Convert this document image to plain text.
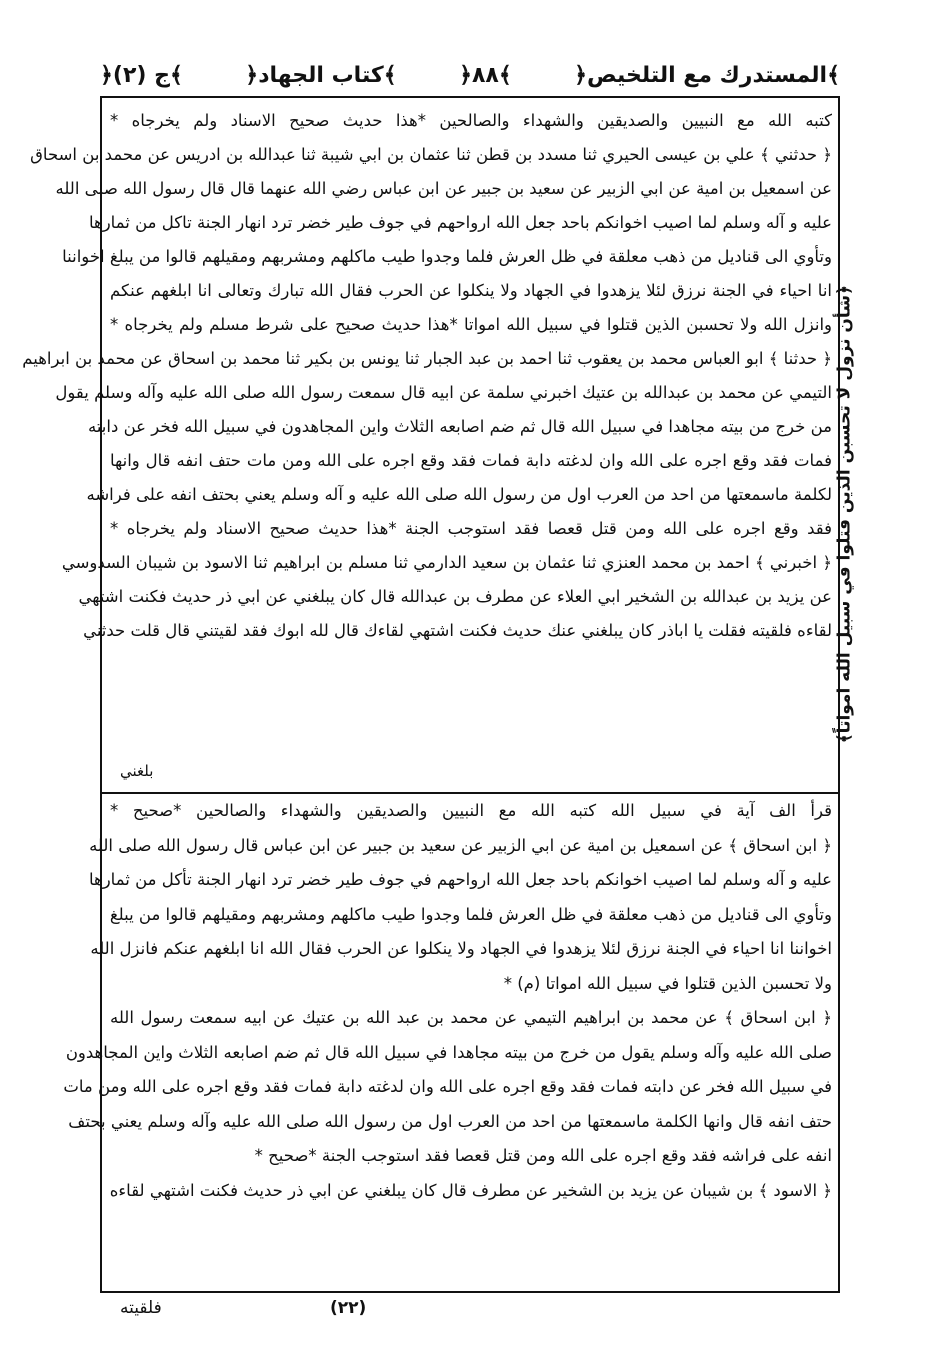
﴿المستدرك مع التلخيص﴾
﴿٨٨﴾
﴿كتاب الجهاد﴾
﴿ج (٢)﴾
كتبه الله مع النبيين والصديقين والشهداء والصالحين *هذا حديث صحيح الاسناد ولم يخرجاه *
﴿ حدثني ﴾ علي بن عيسى الحيري ثنا مسدد بن قطن ثنا عثمان بن ابي شيبة ثنا عبدالله بن ادريس عن محمد بن اسحاق
عن اسمعيل بن امية عن ابي الزبير عن سعيد بن جبير عن ابن عباس رضي الله عنهما قال قال رسول الله صلى الله
عليه و آله وسلم لما اصيب اخوانكم باحد جعل الله ارواحهم في جوف طير خضر ترد انهار الجنة تاكل من ثمارها
وتأوي الى قناديل من ذهب معلقة في ظل العرش فلما وجدوا طيب ماكلهم ومشربهم ومقيلهم قالوا من يبلغ اخواننا
انا احياء في الجنة نرزق لئلا يزهدوا في الجهاد ولا ينكلوا عن الحرب فقال الله تبارك وتعالى انا ابلغهم عنكم
وانزل الله ولا تحسبن الذين قتلوا في سبيل الله امواتا *هذا حديث صحيح على شرط مسلم ولم يخرجاه *
﴿ حدثنا ﴾ ابو العباس محمد بن يعقوب ثنا احمد بن عبد الجبار ثنا يونس بن بكير ثنا محمد بن اسحاق عن محمد بن ابراهيم
التيمي عن محمد بن عبدالله بن عتيك اخبرني سلمة عن ابيه قال سمعت رسول الله صلى الله عليه وآله وسلم يقول
من خرج من بيته مجاهدا في سبيل الله قال ثم ضم اصابعه الثلاث واين المجاهدون في سبيل الله فخر عن دابته
فمات فقد وقع اجره على الله وان لدغته دابة فمات فقد وقع اجره على الله ومن مات حتف انفه قال وانها
لكلمة ماسمعتها من احد من العرب اول من رسول الله صلى الله عليه و آله وسلم يعني بحتف انفه على فراشه
فقد وقع اجره على الله ومن قتل قعصا فقد استوجب الجنة *هذا حديث صحيح الاسناد ولم يخرجاه *
﴿ اخبرني ﴾ احمد بن محمد العنزي ثنا عثمان بن سعيد الدارمي ثنا مسلم بن ابراهيم ثنا الاسود بن شيبان السدوسي
عن يزيد بن عبدالله بن الشخير ابي العلاء عن مطرف بن عبدالله قال كان يبلغني عن ابي ذر حديث فكنت اشتهي
لقاءه فلقيته فقلت يا اباذر كان يبلغني عنك حديث فكنت اشتهي لقاءك قال لله ابوك فقد لقيتني قال قلت حدثني ﴿شأن نزول لا تحسبن الذين قتلوا في سبيل الله امواتاً﴾
بلغني
قرأ الف آية في سبيل الله كتبه الله مع النبيين والصديقين والشهداء والصالحين *صحيح *
﴿ ابن اسحاق ﴾ عن اسمعيل بن امية عن ابي الزبير عن سعيد بن جبير عن ابن عباس قال رسول الله صلى الله
عليه و آله وسلم لما اصيب اخوانكم باحد جعل الله ارواحهم في جوف طير خضر ترد انهار الجنة تأكل من ثمارها
وتأوي الى قناديل من ذهب معلقة في ظل العرش فلما وجدوا طيب ماكلهم ومشربهم ومقيلهم قالوا من يبلغ
اخواننا انا احياء في الجنة نرزق لئلا يزهدوا في الجهاد ولا ينكلوا عن الحرب فقال الله انا ابلغهم عنكم فانزل الله
ولا تحسبن الذين قتلوا في سبيل الله امواتا (م) *
﴿ ابن اسحاق ﴾ عن محمد بن ابراهيم التيمي عن محمد بن عبد الله بن عتيك عن ابيه سمعت رسول الله
صلى الله عليه وآله وسلم يقول من خرج من بيته مجاهدا في سبيل الله قال ثم ضم اصابعه الثلاث واين المجاهدون
في سبيل الله فخر عن دابته فمات فقد وقع اجره على الله وان لدغته دابة فمات فقد وقع اجره على الله ومن مات
حتف انفه قال وانها الكلمة ماسمعتها من احد من العرب اول من رسول الله صلى الله عليه وآله وسلم يعني بحتف
انفه على فراشه فقد وقع اجره على الله ومن قتل قعصا فقد استوجب الجنة *صحيح *
﴿ الاسود ﴾ بن شيبان عن يزيد بن الشخير عن مطرف قال كان يبلغني عن ابي ذر حديث فكنت اشتهي لقاءه
فلقيته	(٢٢)
